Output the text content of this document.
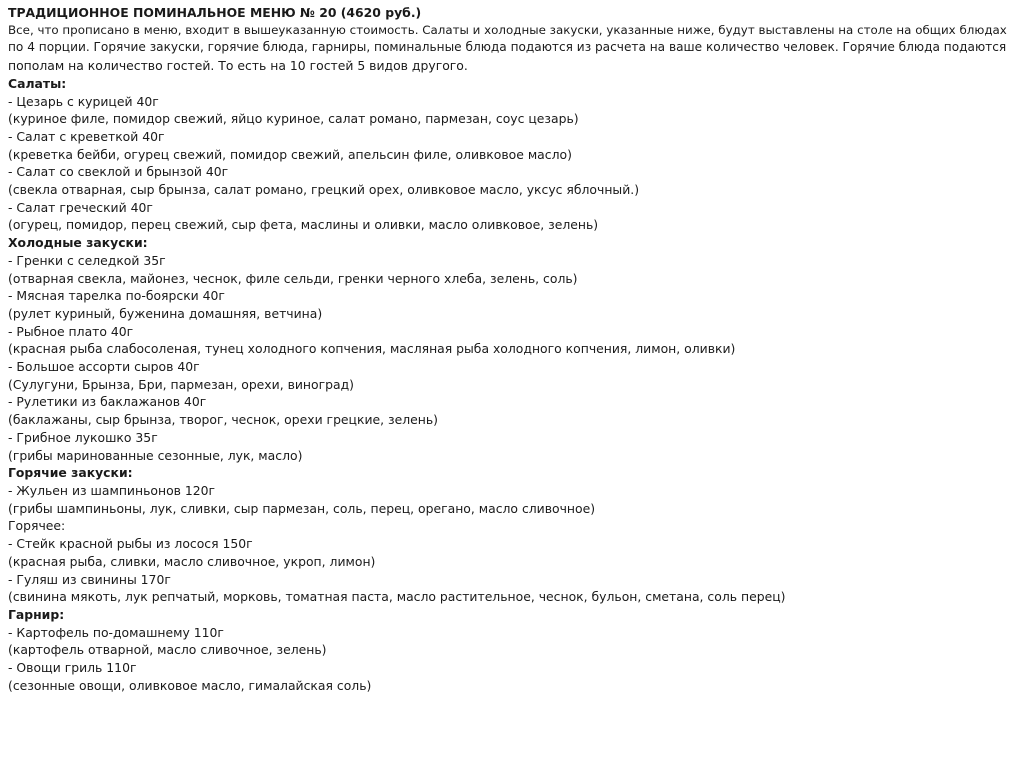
ТРАДИЦИОННОЕ ПОМИНАЛЬНОЕ МЕНЮ № 20 (4620 руб.)
Все, что прописано в меню, входит в вышеуказанную стоимость. Салаты и холодные закуски, указанные ниже, будут выставлены на столе на общих блюдах
по 4 порции. Горячие закуски, горячие блюда, гарниры, поминальные блюда подаются из расчета на ваше количество человек. Горячие блюда подаются
пополам на количество гостей. То есть на 10 гостей 5 видов другого.
Салаты:
- Цезарь с курицей 40г
(куриное филе, помидор свежий, яйцо куриное, салат романо, пармезан, соус цезарь)
- Салат с креветкой 40г
(креветка бейби, огурец свежий, помидор свежий, апельсин филе, оливковое масло)
- Салат со свеклой и брынзой 40г
(свекла отварная, сыр брынза, салат романо, грецкий орех, оливковое масло, уксус яблочный.)
- Салат греческий 40г
(огурец, помидор, перец свежий, сыр фета, маслины и оливки, масло оливковое, зелень)
Холодные закуски:
- Гренки с селедкой 35г
(отварная свекла, майонез, чеснок, филе сельди, гренки черного хлеба, зелень, соль)
- Мясная тарелка по-боярски 40г
(рулет куриный, буженина домашняя, ветчина)
- Рыбное плато 40г
(красная рыба слабосоленая, тунец холодного копчения, масляная рыба холодного копчения, лимон, оливки)
- Большое ассорти сыров 40г
(Сулугуни, Брынза, Бри, пармезан, орехи, виноград)
- Рулетики из баклажанов 40г
(баклажаны, сыр брынза, творог, чеснок, орехи грецкие, зелень)
- Грибное лукошко 35г
(грибы маринованные сезонные, лук, масло)
Горячие закуски:
- Жульен из шампиньонов 120г
(грибы шампиньоны, лук, сливки, сыр пармезан, соль, перец, орегано, масло сливочное)
Горячее:
- Стейк красной рыбы из лосося 150г
(красная рыба, сливки, масло сливочное, укроп, лимон)
- Гуляш из свинины 170г
(свинина мякоть, лук репчатый, морковь, томатная паста, масло растительное, чеснок, бульон, сметана, соль перец)
Гарнир:
- Картофель по-домашнему 110г
(картофель отварной, масло сливочное, зелень)
- Овощи гриль 110г
(сезонные овощи, оливковое масло, гималайская соль)
